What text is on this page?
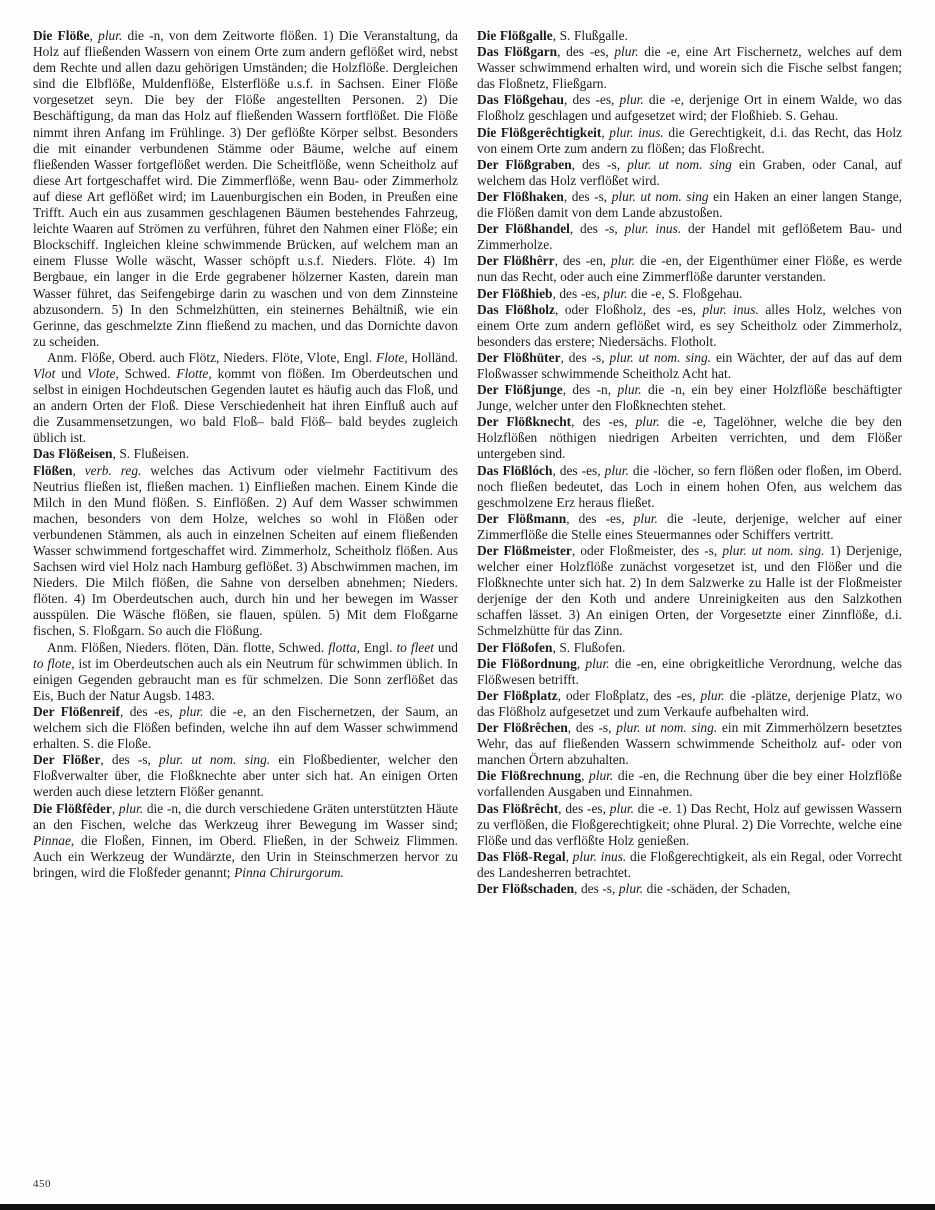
Die Flöße, plur. die -n, von dem Zeitworte flößen. 1) Die Veranstaltung, da Holz auf fließenden Wassern von einem Orte zum andern geflößet wird, nebst dem Rechte und allen dazu gehörigen Umständen; die Holzflöße. Dergleichen sind die Elbflöße, Muldenflöße, Elsterflöße u.s.f. in Sachsen. Einer Flöße vorgesetzet seyn. Die bey der Flöße angestellten Personen. 2) Die Beschäftigung, da man das Holz auf fließenden Wassern fortflößet. Die Flöße nimmt ihren Anfang im Frühlinge. 3) Der geflößte Körper selbst. Besonders die mit einander verbundenen Stämme oder Bäume, welche auf einem fließenden Wasser fortgeflößet werden. Die Scheitflöße, wenn Scheitholz auf diese Art fortgeschaffet wird. Die Zimmerflöße, wenn Bau- oder Zimmerholz auf diese Art geflößet wird; im Lauenburgischen ein Boden, in Preußen eine Trifft. Auch ein aus zusammen geschlagenen Bäumen bestehendes Fahrzeug, leichte Waaren auf Strömen zu verführen, führet den Nahmen einer Flöße; ein Blockschiff. Ingleichen kleine schwimmende Brücken, auf welchem man an einem Flusse Wolle wäscht, Wasser schöpft u.s.f. Nieders. Flöte. 4) Im Bergbaue, ein langer in die Erde gegrabener hölzerner Kasten, darein man Wasser führet, das Seifengebirge darin zu waschen und von dem Zinnsteine abzusondern. 5) In den Schmelzhütten, ein steinernes Behältniß, wie ein Gerinne, das geschmelzte Zinn fließend zu machen, und das Dornichte davon zu scheiden.

Anm. Flöße, Oberd. auch Flötz, Nieders. Flöte, Vlote, Engl. Flote, Holländ. Vlot und Vlote, Schwed. Flotte, kommt von flößen. Im Oberdeutschen und selbst in einigen Hochdeutschen Gegenden lautet es häufig auch das Floß, und an andern Orten der Floß. Diese Verschiedenheit hat ihren Einfluß auch auf die Zusammensetzungen, wo bald Floß– bald Flöß– bald beydes zugleich üblich ist.

Das Flößeisen, S. Flußeisen.

Flößen, verb. reg. welches das Activum oder vielmehr Factitivum des Neutrius fließen ist, fließen machen. 1) Einfließen machen. Einem Kinde die Milch in den Mund flößen. S. Einflößen. 2) Auf dem Wasser schwimmen machen, besonders von dem Holze, welches so wohl in Flößen oder verbundenen Stämmen, als auch in einzelnen Scheiten auf einem fließenden Wasser schwimmend fortgeschaffet wird. Zimmerholz, Scheitholz flößen. Aus Sachsen wird viel Holz nach Hamburg geflößet. 3) Abschwimmen machen, im Nieders. Die Milch flößen, die Sahne von derselben abnehmen; Nieders. flöten. 4) Im Oberdeutschen auch, durch hin und her bewegen im Wasser ausspülen. Die Wäsche flößen, sie flauen, spülen. 5) Mit dem Floßgarne fischen, S. Floßgarn. So auch die Flößung.

Anm. Flößen, Nieders. flöten, Dän. flotte, Schwed. flotta, Engl. to fleet und to flote, ist im Oberdeutschen auch als ein Neutrum für schwimmen üblich. In einigen Gegenden gebraucht man es für schmelzen. Die Sonn zerflößet das Eis, Buch der Natur Augsb. 1483.

Der Flößenreif, des -es, plur. die -e, an den Fischernetzen, der Saum, an welchem sich die Flößen befinden, welche ihn auf dem Wasser schwimmend erhalten. S. die Floße.

Der Flößer, des -s, plur. ut nom. sing. ein Floßbedienter, welcher den Floßverwalter über, die Floßknechte aber unter sich hat. An einigen Orten werden auch diese letztern Flößer genannt.

Die Flößfêder, plur. die -n, die durch verschiedene Gräten unterstützten Häute an den Fischen, welche das Werkzeug ihrer Bewegung im Wasser sind; Pinnae, die Floßen, Finnen, im Oberd. Fließen, in der Schweiz Flimmen. Auch ein Werkzeug der Wundärzte, den Urin in Steinschmerzen hervor zu bringen, wird die Floßfeder genannt; Pinna Chirurgorum.

Die Flößgalle, S. Flußgalle.

Das Flößgarn, des -es, plur. die -e, eine Art Fischernetz, welches auf dem Wasser schwimmend erhalten wird, und worein sich die Fische selbst fangen; das Floßnetz, Fließgarn.

Das Flößgehau, des -es, plur. die -e, derjenige Ort in einem Walde, wo das Floßholz geschlagen und aufgesetzet wird; der Floßhieb. S. Gehau.

Die Flößgerêchtigkeit, plur. inus. die Gerechtigkeit, d.i. das Recht, das Holz von einem Orte zum andern zu flößen; das Floßrecht.

Der Flößgraben, des -s, plur. ut nom. sing ein Graben, oder Canal, auf welchem das Holz verflößet wird.

Der Flößhaken, des -s, plur. ut nom. sing ein Haken an einer langen Stange, die Flößen damit von dem Lande abzustoßen.

Der Flößhandel, des -s, plur. inus. der Handel mit geflößetem Bau- und Zimmerholze.

Der Flößhêrr, des -en, plur. die -en, der Eigenthümer einer Flöße, es werde nun das Recht, oder auch eine Zimmerflöße darunter verstanden.

Der Flößhieb, des -es, plur. die -e, S. Floßgehau.

Das Flößholz, oder Floßholz, des -es, plur. inus. alles Holz, welches von einem Orte zum andern geflößet wird, es sey Scheitholz oder Zimmerholz, besonders das erstere; Niedersächs. Flotholt.

Der Flößhüter, des -s, plur. ut nom. sing. ein Wächter, der auf das auf dem Floßwasser schwimmende Scheitholz Acht hat.

Der Flößjunge, des -n, plur. die -n, ein bey einer Holzflöße beschäftigter Junge, welcher unter den Floßknechten stehet.

Der Flößknecht, des -es, plur. die -e, Tagelöhner, welche die bey den Holzflößen nöthigen niedrigen Arbeiten verrichten, und dem Flößer untergeben sind.

Das Flößlóch, des -es, plur. die -löcher, so fern flößen oder floßen, im Oberd. noch fließen bedeutet, das Loch in einem hohen Ofen, aus welchem das geschmolzene Erz heraus fließet.

Der Flößmann, des -es, plur. die -leute, derjenige, welcher auf einer Zimmerflöße die Stelle eines Steuermannes oder Schiffers vertritt.

Der Flößmeister, oder Floßmeister, des -s, plur. ut nom. sing. 1) Derjenige, welcher einer Holzflöße zunächst vorgesetzet ist, und den Flößer und die Floßknechte unter sich hat. 2) In dem Salzwerke zu Halle ist der Floßmeister derjenige der den Koth und andere Unreinigkeiten aus den Salzkothen schaffen lässet. 3) An einigen Orten, der Vorgesetzte einer Zinnflöße, d.i. Schmelzhütte für das Zinn.

Der Flößofen, S. Flußofen.

Die Flößordnung, plur. die -en, eine obrigkeitliche Verordnung, welche das Flößwesen betrifft.

Der Flößplatz, oder Floßplatz, des -es, plur. die -plätze, derjenige Platz, wo das Flößholz aufgesetzet und zum Verkaufe aufbehalten wird.

Der Flößrêchen, des -s, plur. ut nom. sing. ein mit Zimmerhölzern besetztes Wehr, das auf fließenden Wassern schwimmende Scheitholz auf- oder von manchen Örtern abzuhalten.

Die Flößrechnung, plur. die -en, die Rechnung über die bey einer Holzflöße vorfallenden Ausgaben und Einnahmen.

Das Flößrêcht, des -es, plur. die -e. 1) Das Recht, Holz auf gewissen Wassern zu verflößen, die Floßgerechtigkeit; ohne Plural. 2) Die Vorrechte, welche eine Flöße und das verflößte Holz genießen.

Das Flöß-Regal, plur. inus. die Floßgerechtigkeit, als ein Regal, oder Vorrecht des Landesherren betrachtet.

Der Flößschaden, des -s, plur. die -schäden, der Schaden,

450
